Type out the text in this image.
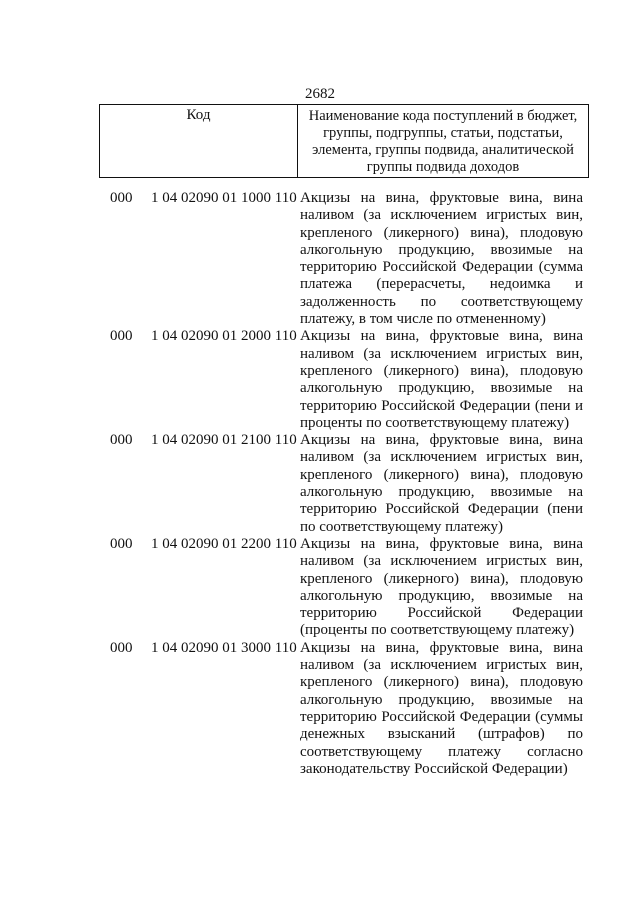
2682
Код	Наименование кода поступлений в бюджет, группы, подгруппы, статьи, подстатьи, элемента, группы подвида, аналитической группы подвида доходов
000 1 04 02090 01 1000 110 Акцизы на вина, фруктовые вина, вина наливом (за исключением игристых вин, крепленого (ликерного) вина), плодовую алкогольную продукцию, ввозимые на территорию Российской Федерации (сумма платежа (перерасчеты, недоимка и задолженность по соответствующему платежу, в том числе по отмененному)
000 1 04 02090 01 2000 110 Акцизы на вина, фруктовые вина, вина наливом (за исключением игристых вин, крепленого (ликерного) вина), плодовую алкогольную продукцию, ввозимые на территорию Российской Федерации (пени и проценты по соответствующему платежу)
000 1 04 02090 01 2100 110 Акцизы на вина, фруктовые вина, вина наливом (за исключением игристых вин, крепленого (ликерного) вина), плодовую алкогольную продукцию, ввозимые на территорию Российской Федерации (пени по соответствующему платежу)
000 1 04 02090 01 2200 110 Акцизы на вина, фруктовые вина, вина наливом (за исключением игристых вин, крепленого (ликерного) вина), плодовую алкогольную продукцию, ввозимые на территорию Российской Федерации (проценты по соответствующему платежу)
000 1 04 02090 01 3000 110 Акцизы на вина, фруктовые вина, вина наливом (за исключением игристых вин, крепленого (ликерного) вина), плодовую алкогольную продукцию, ввозимые на территорию Российской Федерации (суммы денежных взысканий (штрафов) по соответствующему платежу согласно законодательству Российской Федерации)
